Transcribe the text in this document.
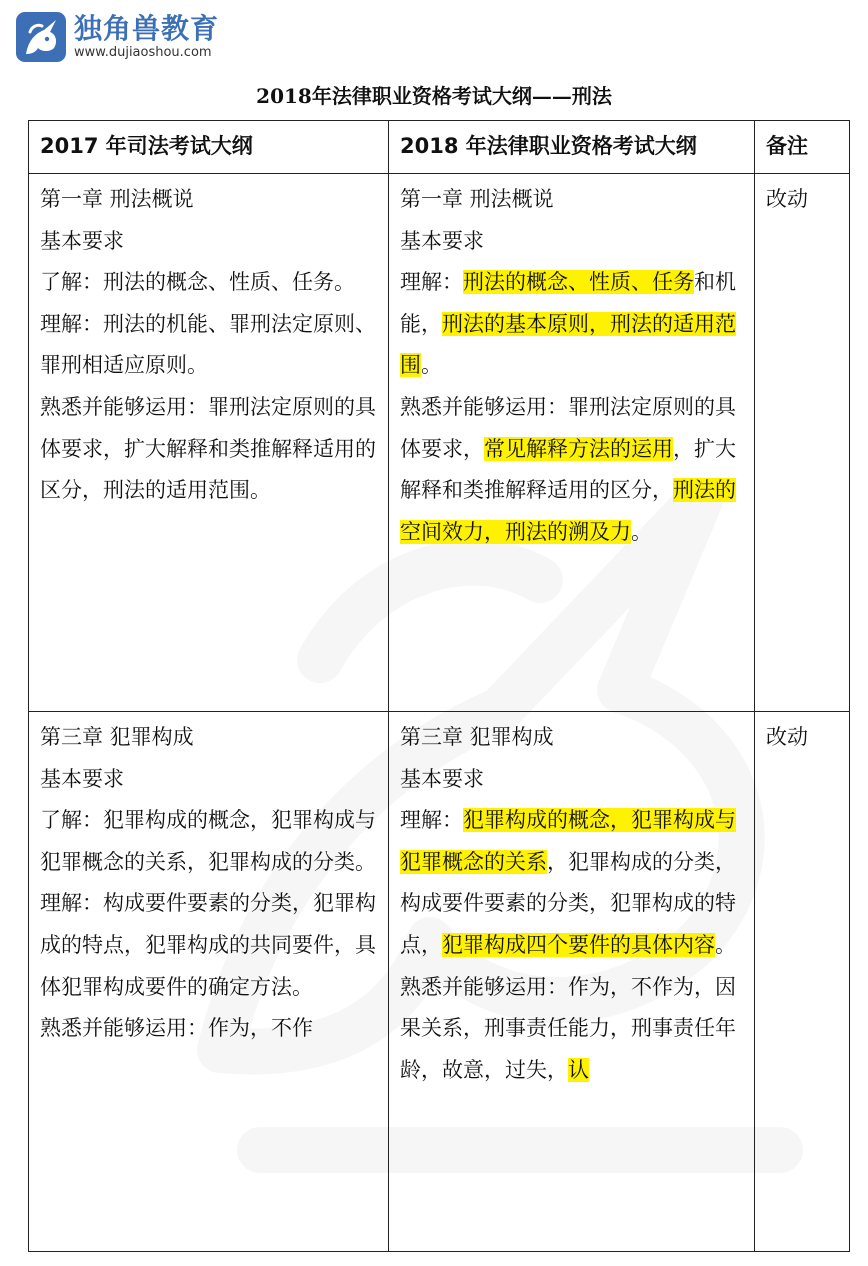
独角兽教育
www.dujiaoshou.com
2018年法律职业资格考试大纲——刑法
2017 年司法考试大纲	2018 年法律职业资格考试大纲	备注

第一章 刑法概说
基本要求
了解：刑法的概念、性质、任务。
理解：刑法的机能、罪刑法定原则、罪刑相适应原则。
熟悉并能够运用：罪刑法定原则的具体要求，扩大解释和类推解释适用的区分，刑法的适用范围。	第一章 刑法概说
基本要求
理解：刑法的概念、性质、任务和机能，刑法的基本原则，刑法的适用范围。
熟悉并能够运用：罪刑法定原则的具体要求，常见解释方法的运用，扩大解释和类推解释适用的区分，刑法的空间效力，刑法的溯及力。	改动

第三章 犯罪构成
基本要求
了解：犯罪构成的概念，犯罪构成与犯罪概念的关系，犯罪构成的分类。
理解：构成要件要素的分类，犯罪构成的特点，犯罪构成的共同要件，具体犯罪构成要件的确定方法。
熟悉并能够运用：作为，不作	第三章 犯罪构成
基本要求
理解：犯罪构成的概念，犯罪构成与犯罪概念的关系，犯罪构成的分类，构成要件要素的分类，犯罪构成的特点，犯罪构成四个要件的具体内容。
熟悉并能够运用：作为，不作为，因果关系，刑事责任能力，刑事责任年龄，故意，过失，认	改动
